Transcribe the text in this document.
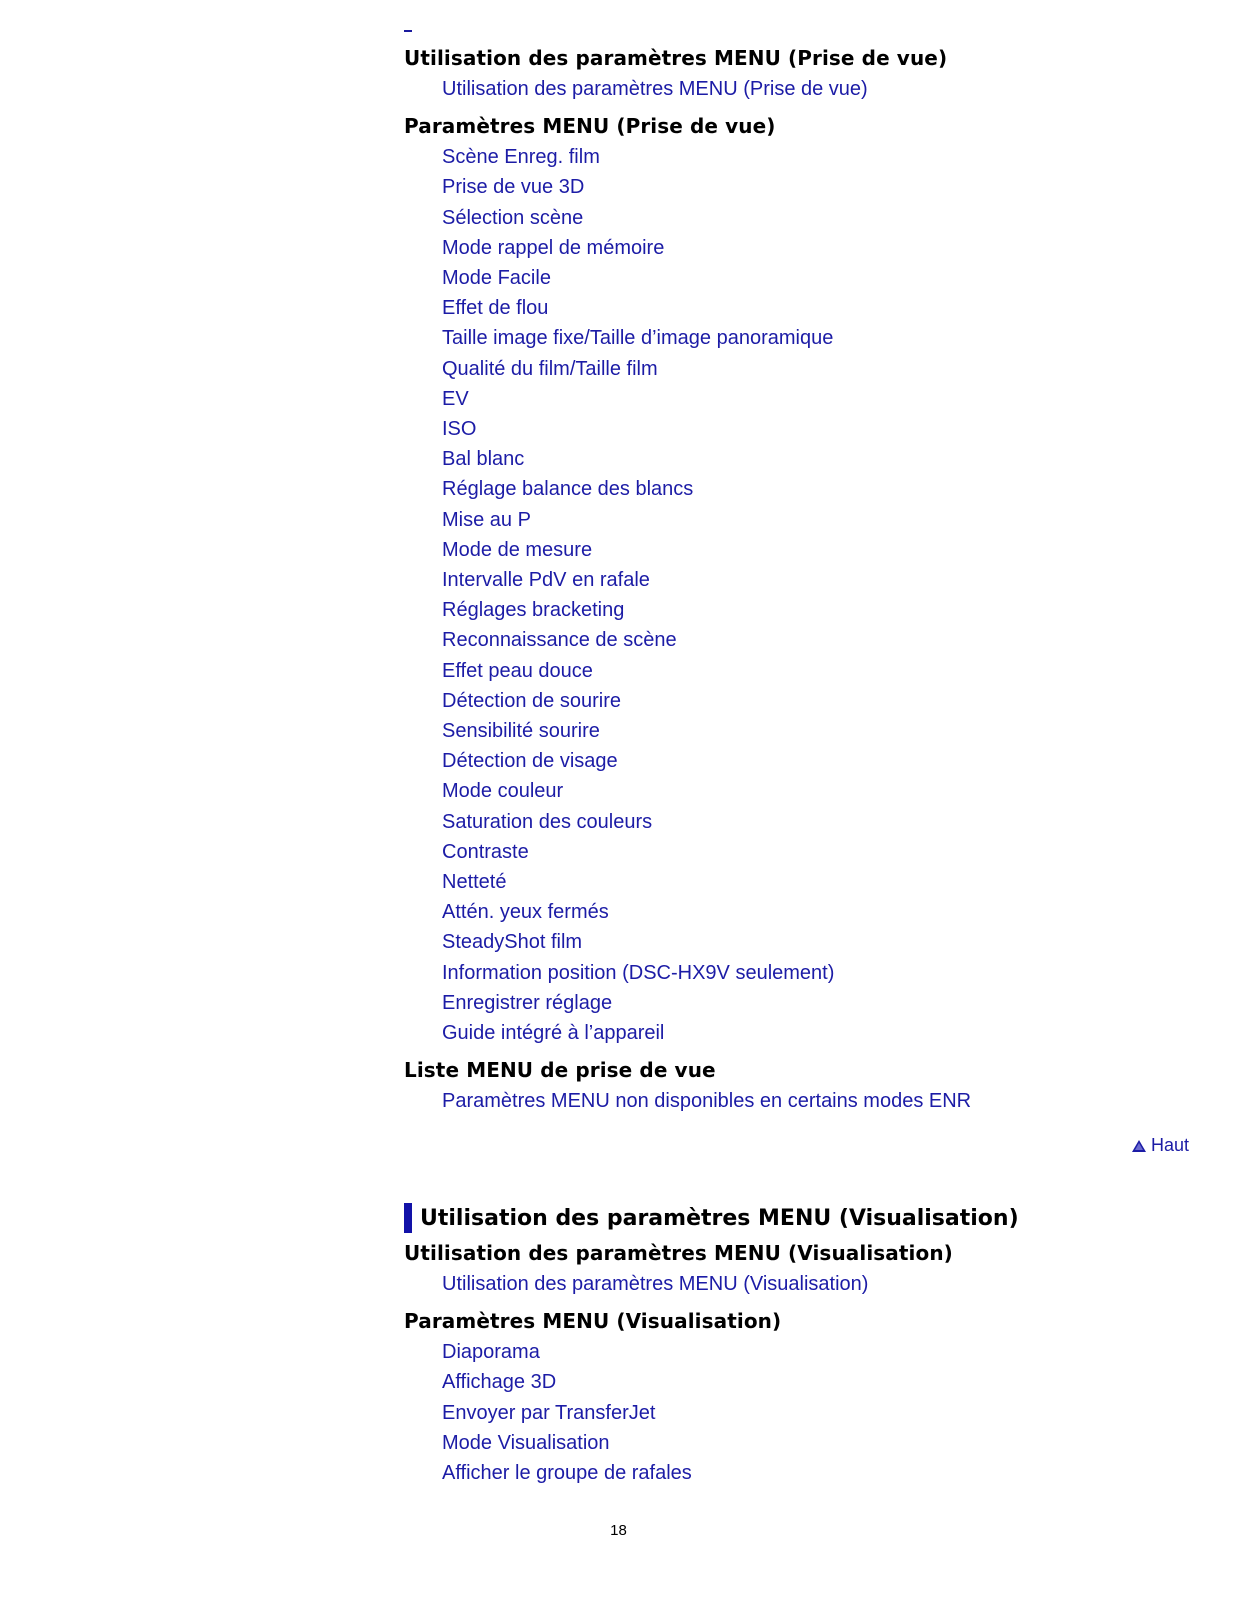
Utilisation des paramètres MENU (Prise de vue)
Utilisation des paramètres MENU (Prise de vue)
Paramètres MENU (Prise de vue)
Scène Enreg. film
Prise de vue 3D
Sélection scène
Mode rappel de mémoire
Mode Facile
Effet de flou
Taille image fixe/Taille d’image panoramique
Qualité du film/Taille film
EV
ISO
Bal blanc
Réglage balance des blancs
Mise au P
Mode de mesure
Intervalle PdV en rafale
Réglages bracketing
Reconnaissance de scène
Effet peau douce
Détection de sourire
Sensibilité sourire
Détection de visage
Mode couleur
Saturation des couleurs
Contraste
Netteté
Attén. yeux fermés
SteadyShot film
Information position (DSC-HX9V seulement)
Enregistrer réglage
Guide intégré à l’appareil
Liste MENU de prise de vue
Paramètres MENU non disponibles en certains modes ENR
Haut
Utilisation des paramètres MENU (Visualisation)
Utilisation des paramètres MENU (Visualisation)
Utilisation des paramètres MENU (Visualisation)
Paramètres MENU (Visualisation)
Diaporama
Affichage 3D
Envoyer par TransferJet
Mode Visualisation
Afficher le groupe de rafales
18
